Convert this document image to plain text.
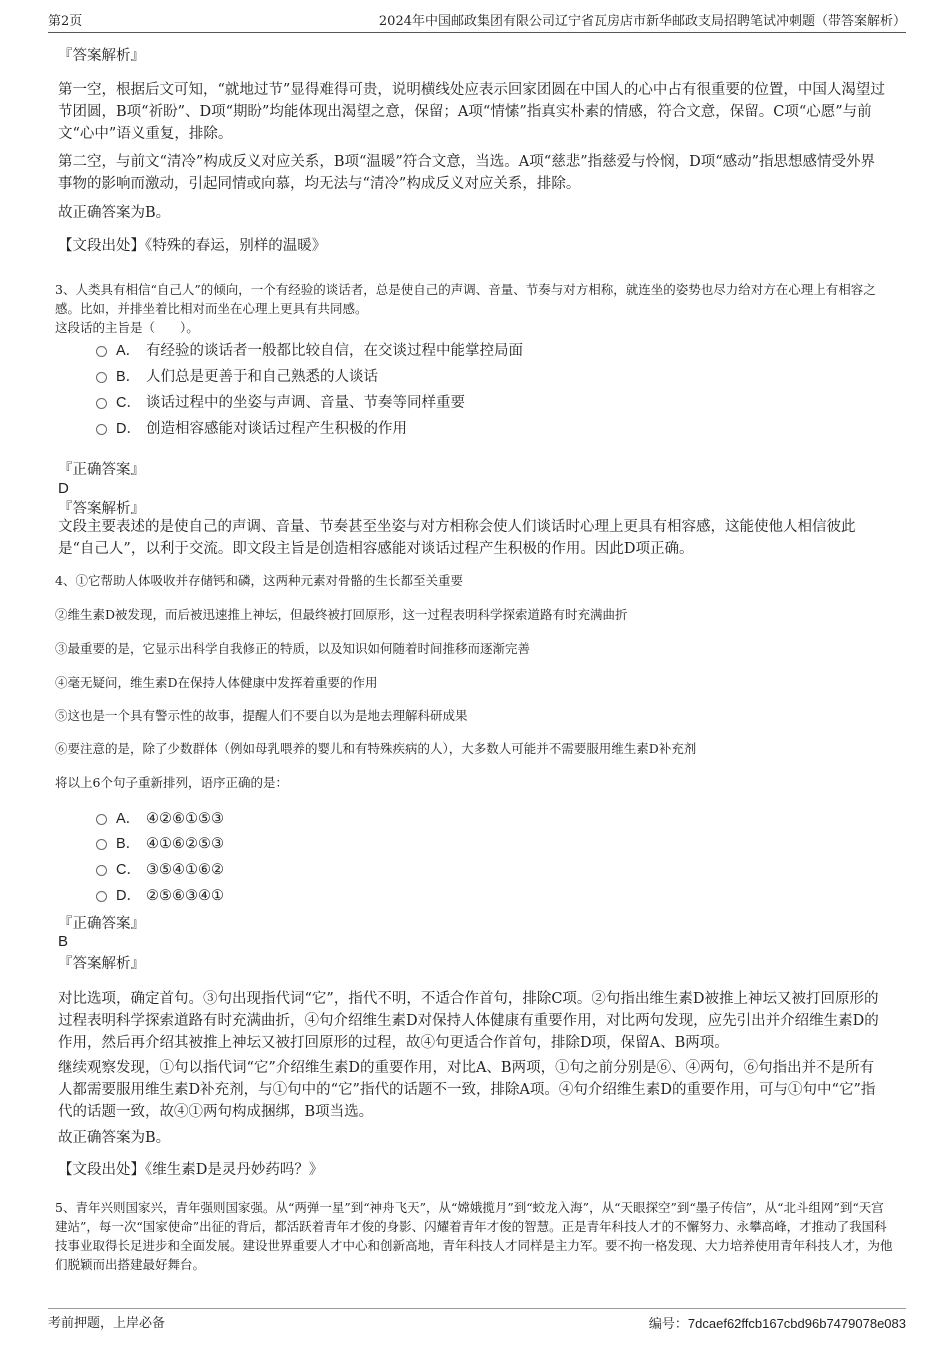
第2页	2024年中国邮政集团有限公司辽宁省瓦房店市新华邮政支局招聘笔试冲刺题（带答案解析）
『答案解析』
第一空，根据后文可知，“就地过节”显得难得可贵，说明横线处应表示回家团圆在中国人的心中占有很重要的位置，中国人渴望过节团圆，B项“祈盼”、D项“期盼”均能体现出渴望之意，保留；A项“情愫”指真实朴素的情感，符合文意，保留。C项“心愿”与前文“心中”语义重复，排除。
第二空，与前文“清冷”构成反义对应关系，B项“温暖”符合文意，当选。A项“慈悲”指慈爱与怜悯，D项“感动”指思想感情受外界事物的影响而激动，引起同情或向慕，均无法与“清冷”构成反义对应关系，排除。
故正确答案为B。
【文段出处】《特殊的春运，别样的温暖》
3、人类具有相信“自己人”的倾向，一个有经验的谈话者，总是使自己的声调、音量、节奏与对方相称，就连坐的姿势也尽力给对方在心理上有相容之感。比如，并排坐着比相对而坐在心理上更具有共同感。
这段话的主旨是（　　）。
A． 有经验的谈话者一般都比较自信，在交谈过程中能掌控局面
B． 人们总是更善于和自己熟悉的人谈话
C． 谈话过程中的坐姿与声调、音量、节奏等同样重要
D． 创造相容感能对谈话过程产生积极的作用
『正确答案』
D
『答案解析』
文段主要表述的是使自己的声调、音量、节奏甚至坐姿与对方相称会使人们谈话时心理上更具有相容感，这能使他人相信彼此是“自己人”，以利于交流。即文段主旨是创造相容感能对谈话过程产生积极的作用。因此D项正确。
4、①它帮助人体吸收并存储钙和磷，这两种元素对骨骼的生长都至关重要
②维生素D被发现，而后被迅速推上神坛，但最终被打回原形，这一过程表明科学探索道路有时充满曲折
③最重要的是，它显示出科学自我修正的特质，以及知识如何随着时间推移而逐渐完善
④毫无疑问，维生素D在保持人体健康中发挥着重要的作用
⑤这也是一个具有警示性的故事，提醒人们不要自以为是地去理解科研成果
⑥要注意的是，除了少数群体（例如母乳喂养的婴儿和有特殊疾病的人），大多数人可能并不需要服用维生素D补充剂
将以上6个句子重新排列，语序正确的是：
A． ④②⑥①⑤③
B． ④①⑥②⑤③
C． ③⑤④①⑥②
D． ②⑤⑥③④①
『正确答案』
B
『答案解析』
对比选项，确定首句。③句出现指代词“它”，指代不明，不适合作首句，排除C项。②句指出维生素D被推上神坛又被打回原形的过程表明科学探索道路有时充满曲折，④句介绍维生素D对保持人体健康有重要作用，对比两句发现，应先引出并介绍维生素D的作用，然后再介绍其被推上神坛又被打回原形的过程，故④句更适合作首句，排除D项，保留A、B两项。
继续观察发现，①句以指代词“它”介绍维生素D的重要作用，对比A、B两项，①句之前分别是⑥、④两句，⑥句指出并不是所有人都需要服用维生素D补充剂，与①句中的“它”指代的话题不一致，排除A项。④句介绍维生素D的重要作用，可与①句中“它”指代的话题一致，故④①两句构成捆绑，B项当选。
故正确答案为B。
【文段出处】《维生素D是灵丹妙药吗？》
5、青年兴则国家兴，青年强则国家强。从“两弹一星”到“神舟飞天”，从“嫦娥揽月”到“蛟龙入海”，从“天眼探空”到“墨子传信”，从“北斗组网”到“天宫建站”，每一次“国家使命”出征的背后，都活跃着青年才俊的身影、闪耀着青年才俊的智慧。正是青年科技人才的不懈努力、永攀高峰，才推动了我国科技事业取得长足进步和全面发展。建设世界重要人才中心和创新高地，青年科技人才同样是主力军。要不拘一格发现、大力培养使用青年科技人才，为他们脱颖而出搭建最好舞台。
考前押题，上岸必备	编号：7dcaef62ffcb167cbd96b7479078e083
